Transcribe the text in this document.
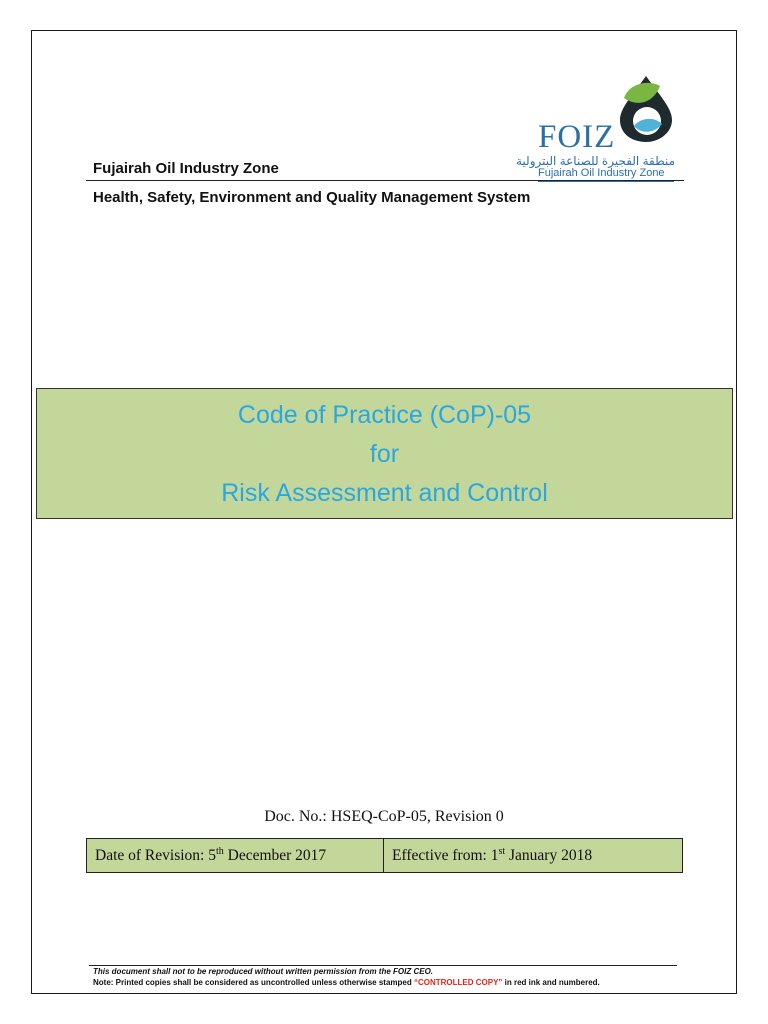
FOIZ
منطقة الفجيرة للصناعة البترولية
Fujairah Oil Industry Zone
Fujairah Oil Industry Zone
Health, Safety, Environment and Quality Management System
Code of Practice (CoP)-05
for
Risk Assessment and Control
Doc. No.: HSEQ-CoP-05, Revision 0
Date of Revision: 5th December 2017	Effective from: 1st January 2018
This document shall not to be reproduced without written permission from the FOIZ CEO.
Note: Printed copies shall be considered as uncontrolled unless otherwise stamped “CONTROLLED COPY” in red ink and numbered.
